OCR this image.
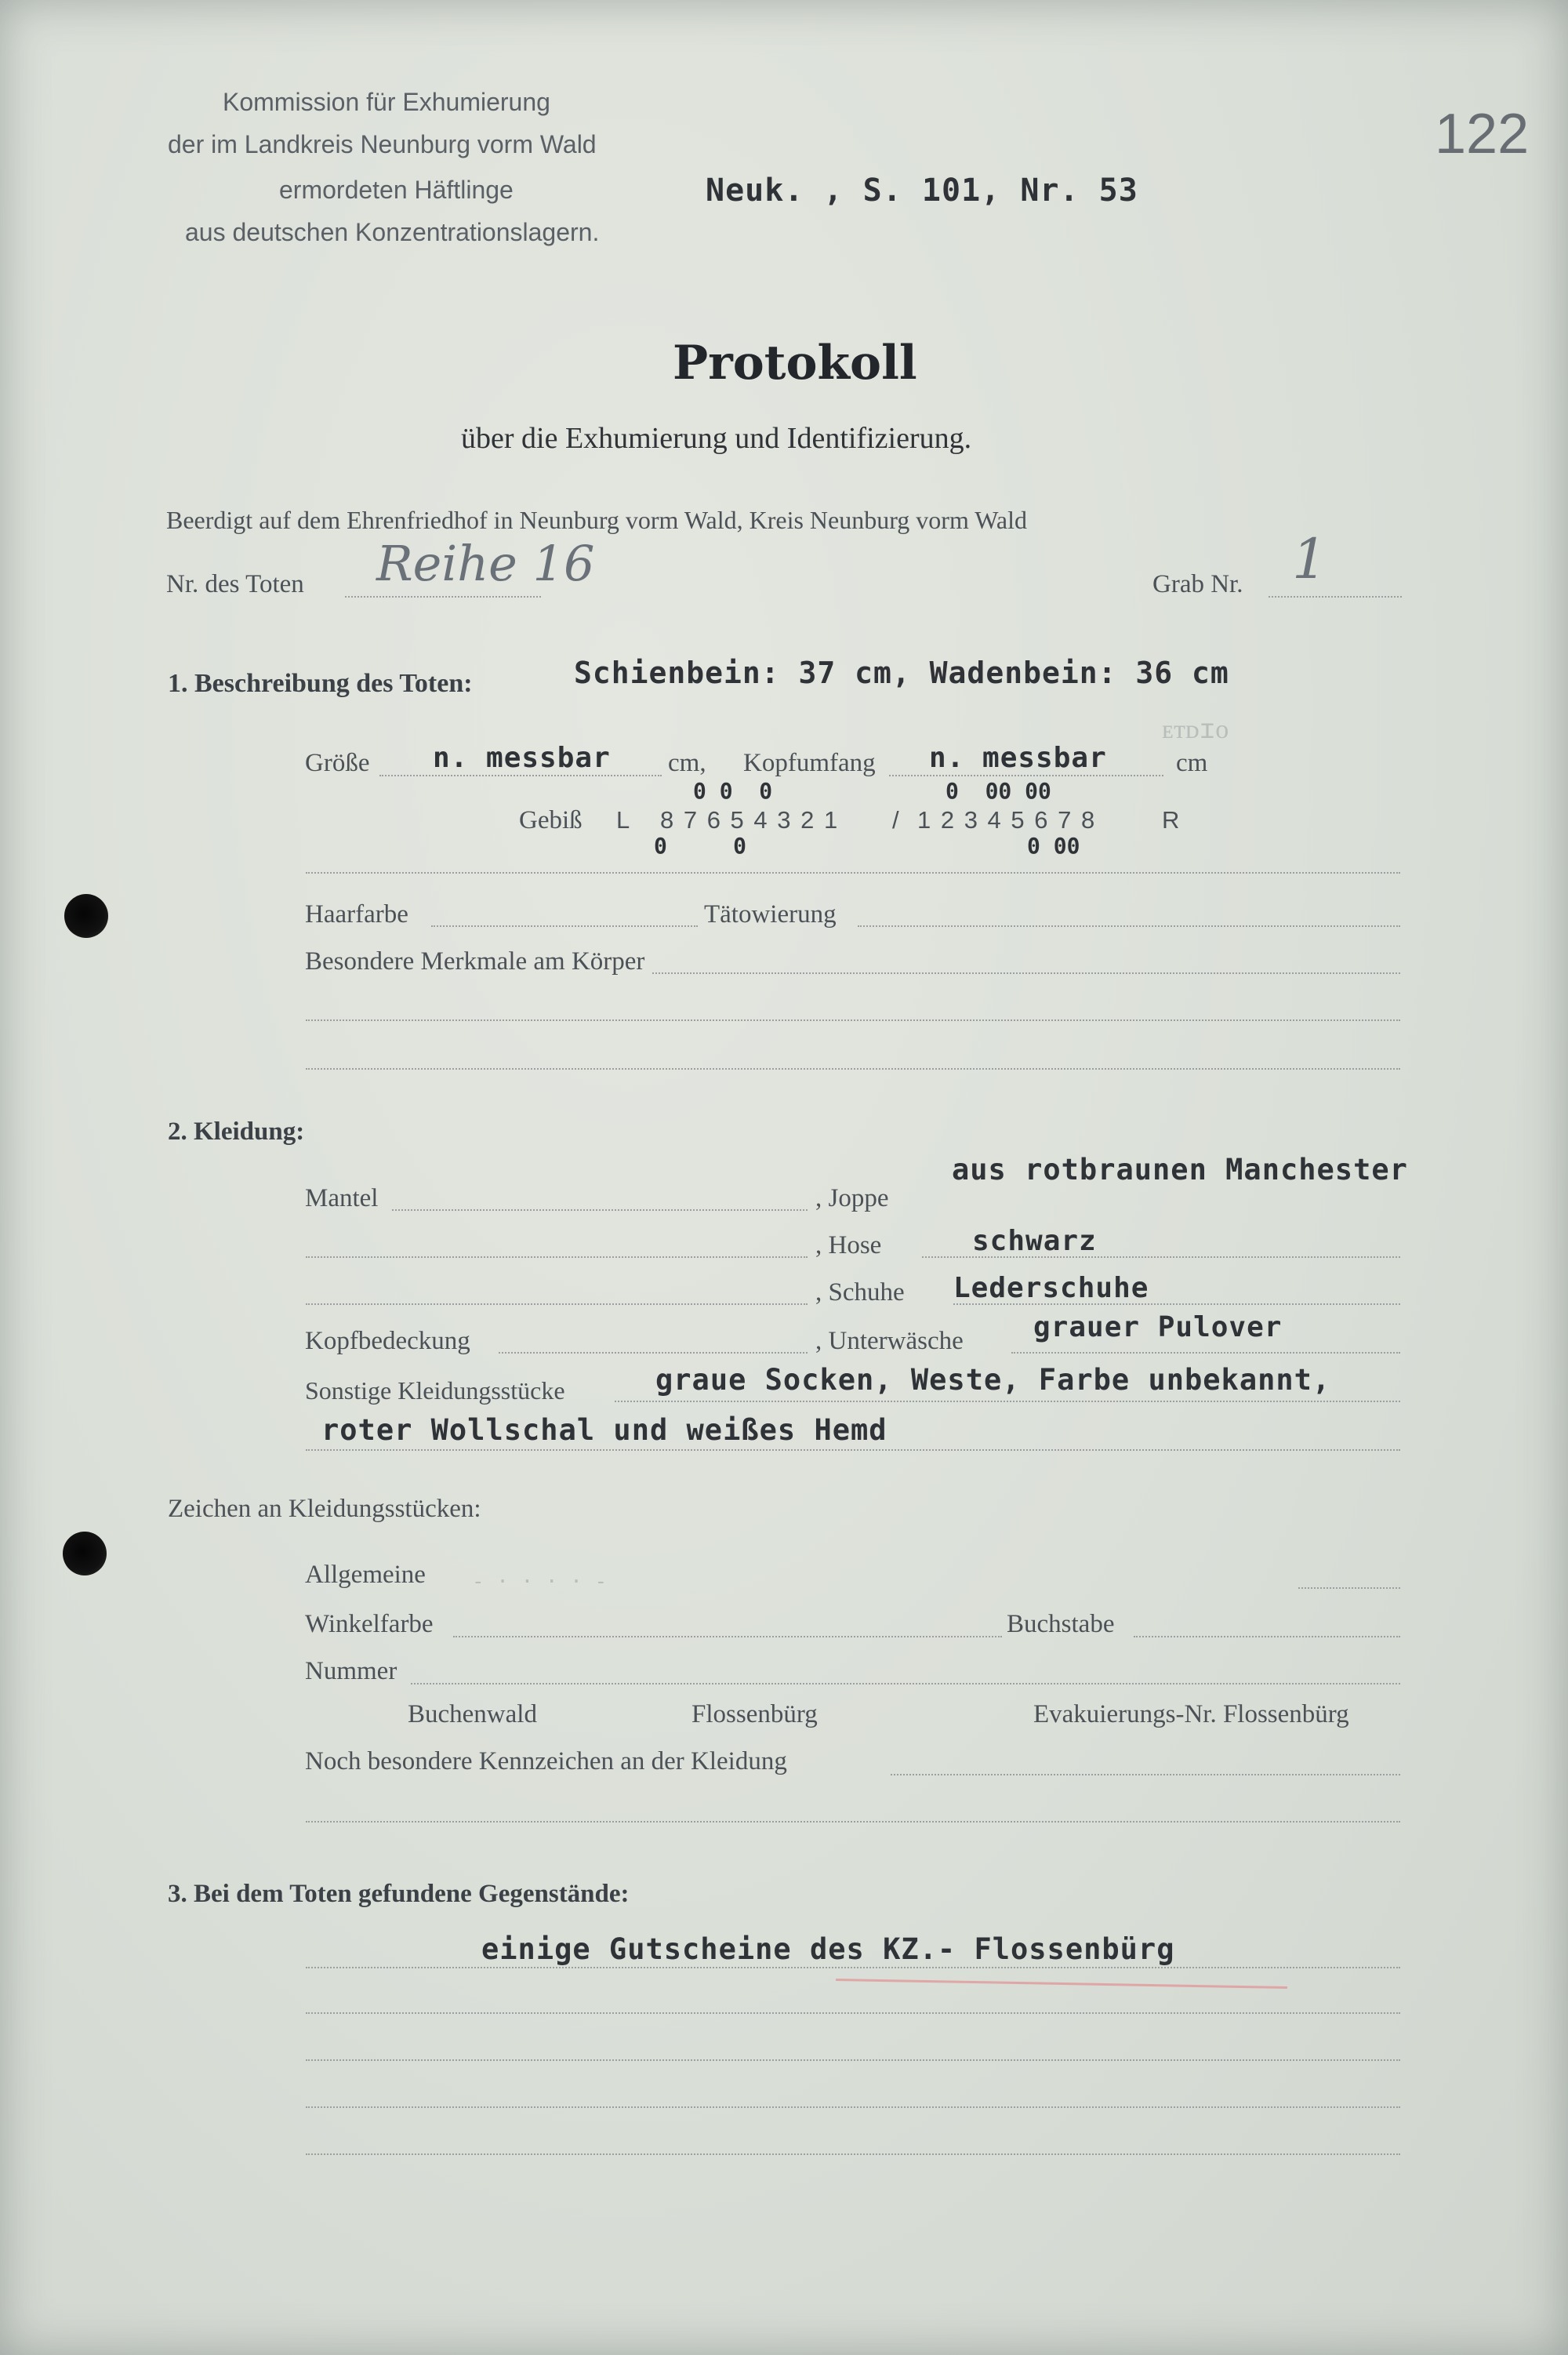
Kommission für Exhumierung
der im Landkreis Neunburg vorm Wald
ermordeten Häftlinge
aus deutschen Konzentrationslagern.
Neuk. , S. 101, Nr. 53
122
Protokoll
über die Exhumierung und Identifizierung.
Beerdigt auf dem Ehrenfriedhof in Neunburg vorm Wald, Kreis Neunburg vorm Wald
Nr. des Toten Reihe 16	Grab Nr. 1
1. Beschreibung des Toten:	Schienbein: 37 cm, Wadenbein: 36 cm
Größe n. messbar cm, Kopfumfang n. messbar	cm
ᴇᴛᴅɪᴏ
0 0  0	0  00 00
Gebiß L 8 7 6 5 4 3 2 1 / 1 2 3 4 5 6 7 8	R
0     0	0 00
Haarfarbe	Tätowierung
Besondere Merkmale am Körper
2. Kleidung:
aus rotbraunen Manchester
Mantel	, Joppe
, Hose	schwarz
, Schuhe Lederschuhe
Kopfbedeckung	, Unterwäsche grauer Pulover
Sonstige Kleidungsstücke	graue Socken, Weste, Farbe unbekannt,
roter Wollschal und weißes Hemd
Zeichen an Kleidungsstücken:
Allgemeine - · · · · -
Winkelfarbe	Buchstabe
Nummer
Buchenwald	Flossenbürg	Evakuierungs-Nr. Flossenbürg
Noch besondere Kennzeichen an der Kleidung
3. Bei dem Toten gefundene Gegenstände:
einige Gutscheine des KZ.- Flossenbürg
